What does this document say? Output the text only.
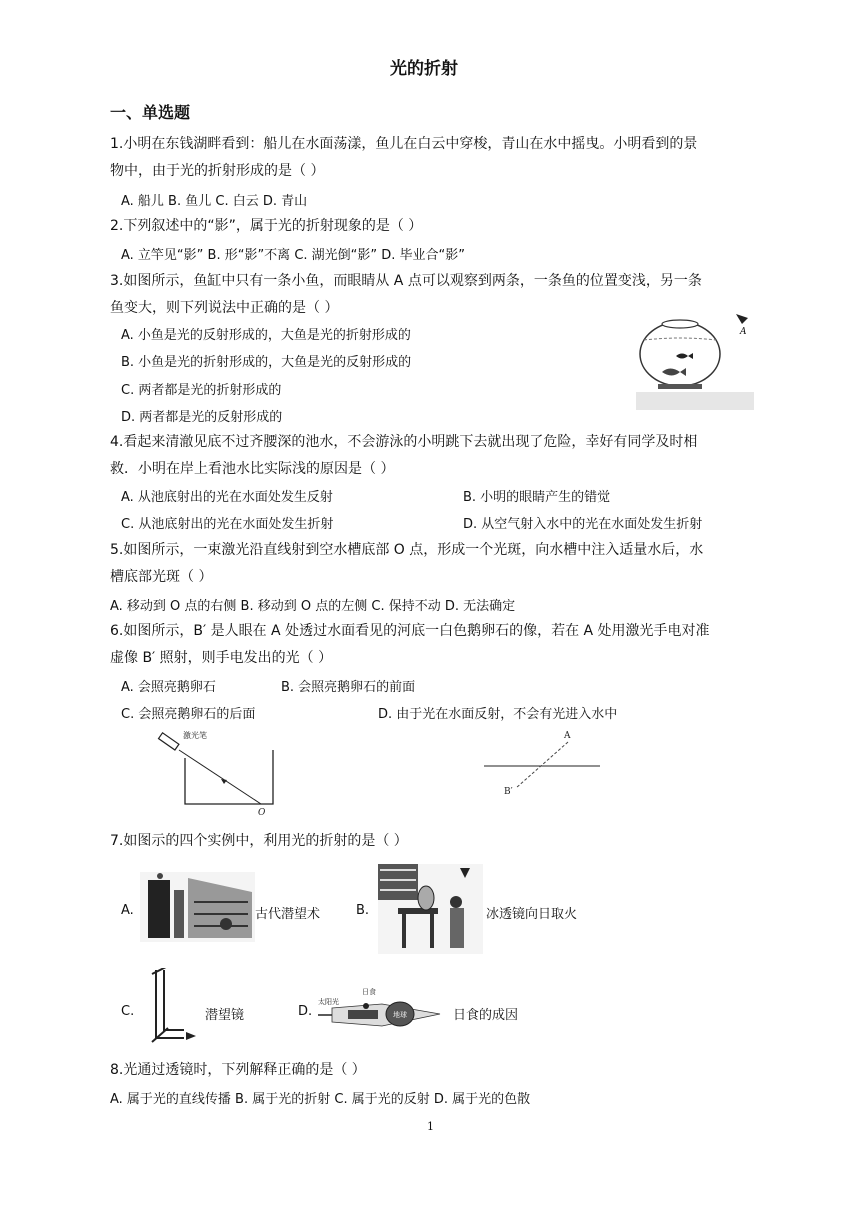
光的折射
一、单选题
1.小明在东钱湖畔看到：船儿在水面荡漾，鱼儿在白云中穿梭，青山在水中摇曳。小明看到的景
物中，由于光的折射形成的是（ ）
A. 船儿 B. 鱼儿 C. 白云 D. 青山
2.下列叙述中的“影”，属于光的折射现象的是（ ）
A. 立竿见“影” B. 形“影”不离 C. 湖光倒“影” D. 毕业合“影”
3.如图所示，鱼缸中只有一条小鱼，而眼睛从 A 点可以观察到两条，一条鱼的位置变浅，另一条
鱼变大，则下列说法中正确的是（ ）
A. 小鱼是光的反射形成的，大鱼是光的折射形成的
B. 小鱼是光的折射形成的，大鱼是光的反射形成的
C. 两者都是光的折射形成的
D. 两者都是光的反射形成的
A
4.看起来清澈见底不过齐腰深的池水，不会游泳的小明跳下去就出现了危险，幸好有同学及时相
救．小明在岸上看池水比实际浅的原因是（ ）
A. 从池底射出的光在水面处发生反射	B. 小明的眼睛产生的错觉
C. 从池底射出的光在水面处发生折射	D. 从空气射入水中的光在水面处发生折射
5.如图所示，一束激光沿直线射到空水槽底部 O 点，形成一个光斑，向水槽中注入适量水后，水
槽底部光斑（ ）
A. 移动到 O 点的右侧 B. 移动到 O 点的左侧 C. 保持不动 D. 无法确定
6.如图所示，B′ 是人眼在 A 处透过水面看见的河底一白色鹅卵石的像，若在 A 处用激光手电对准
虚像 B′ 照射，则手电发出的光（ ）
A. 会照亮鹅卵石	B. 会照亮鹅卵石的前面
C. 会照亮鹅卵石的后面	D. 由于光在水面反射，不会有光进入水中
激光笔
O
A
B′
7.如图示的四个实例中，利用光的折射的是（ ）
A.	古代潜望术	B.	冰透镜向日取火
C.	潜望镜	D.
日食
太阳光
地球	日食的成因
8.光通过透镜时，下列解释正确的是（ ）
A. 属于光的直线传播 B. 属于光的折射 C. 属于光的反射 D. 属于光的色散
1
